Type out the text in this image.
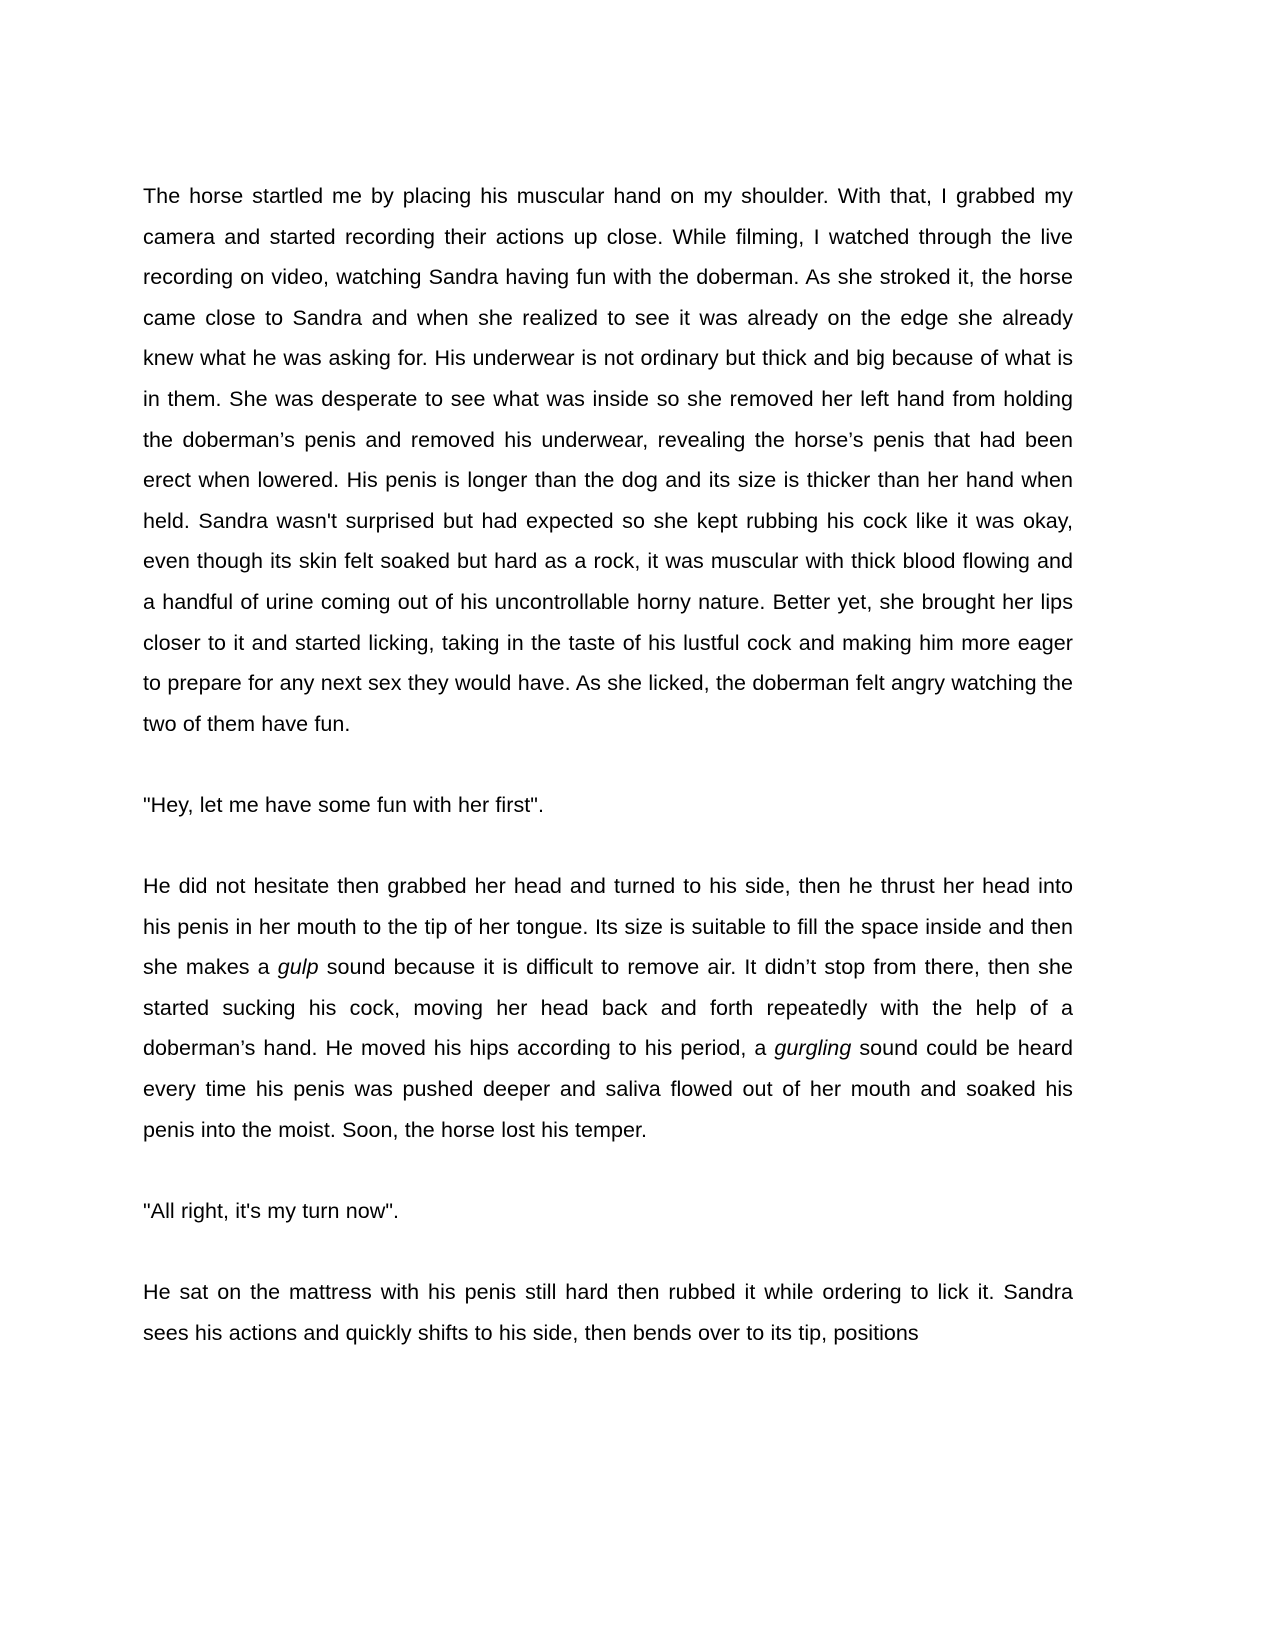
The horse startled me by placing his muscular hand on my shoulder. With that, I grabbed my camera and started recording their actions up close. While filming, I watched through the live recording on video, watching Sandra having fun with the doberman. As she stroked it, the horse came close to Sandra and when she realized to see it was already on the edge she already knew what he was asking for. His underwear is not ordinary but thick and big because of what is in them. She was desperate to see what was inside so she removed her left hand from holding the doberman’s penis and removed his underwear, revealing the horse’s penis that had been erect when lowered. His penis is longer than the dog and its size is thicker than her hand when held. Sandra wasn't surprised but had expected so she kept rubbing his cock like it was okay, even though its skin felt soaked but hard as a rock, it was muscular with thick blood flowing and a handful of urine coming out of his uncontrollable horny nature. Better yet, she brought her lips closer to it and started licking, taking in the taste of his lustful cock and making him more eager to prepare for any next sex they would have. As she licked, the doberman felt angry watching the two of them have fun.

"Hey, let me have some fun with her first".

He did not hesitate then grabbed her head and turned to his side, then he thrust her head into his penis in her mouth to the tip of her tongue. Its size is suitable to fill the space inside and then she makes a gulp sound because it is difficult to remove air. It didn’t stop from there, then she started sucking his cock, moving her head back and forth repeatedly with the help of a doberman’s hand. He moved his hips according to his period, a gurgling sound could be heard every time his penis was pushed deeper and saliva flowed out of her mouth and soaked his penis into the moist. Soon, the horse lost his temper.

"All right, it's my turn now".

He sat on the mattress with his penis still hard then rubbed it while ordering to lick it. Sandra sees his actions and quickly shifts to his side, then bends over to its tip, positions
